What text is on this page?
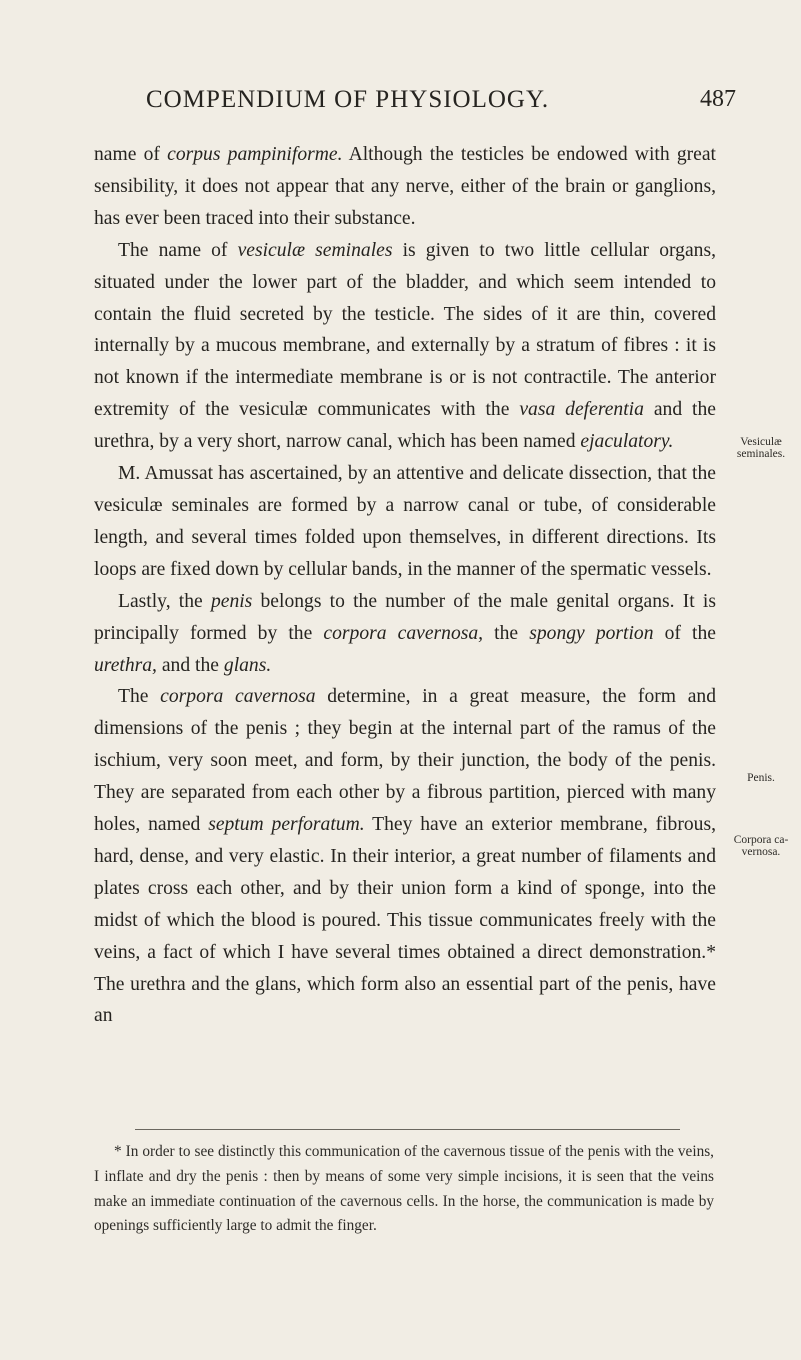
COMPENDIUM OF PHYSIOLOGY.	487

name of corpus pampiniforme. Although the testicles be endowed with great sensibility, it does not appear that any nerve, either of the brain or ganglions, has ever been traced into their substance.

The name of vesiculæ seminales is given to two little cellular organs, situated under the lower part of the bladder, and which seem intended to contain the fluid secreted by the testicle. The sides of it are thin, covered internally by a mucous membrane, and externally by a stratum of fibres : it is not known if the intermediate membrane is or is not contractile. The anterior extremity of the vesiculæ communicates with the vasa deferentia and the urethra, by a very short, narrow canal, which has been named ejaculatory.

M. Amussat has ascertained, by an attentive and delicate dissection, that the vesiculæ seminales are formed by a narrow canal or tube, of considerable length, and several times folded upon themselves, in different directions. Its loops are fixed down by cellular bands, in the manner of the spermatic vessels.

Lastly, the penis belongs to the number of the male genital organs. It is principally formed by the corpora cavernosa, the spongy portion of the urethra, and the glans.

The corpora cavernosa determine, in a great measure, the form and dimensions of the penis ; they begin at the internal part of the ramus of the ischium, very soon meet, and form, by their junction, the body of the penis. They are separated from each other by a fibrous partition, pierced with many holes, named septum perforatum. They have an exterior membrane, fibrous, hard, dense, and very elastic. In their interior, a great number of filaments and plates cross each other, and by their union form a kind of sponge, into the midst of which the blood is poured. This tissue communicates freely with the veins, a fact of which I have several times obtained a direct demonstration.* The urethra and the glans, which form also an essential part of the penis, have an

Vesiculæ
seminales.
Penis.
Corpora ca-
vernosa.

* In order to see distinctly this communication of the cavernous tissue of the penis with the veins, I inflate and dry the penis : then by means of some very simple incisions, it is seen that the veins make an immediate continuation of the cavernous cells. In the horse, the communication is made by openings sufficiently large to admit the finger.
